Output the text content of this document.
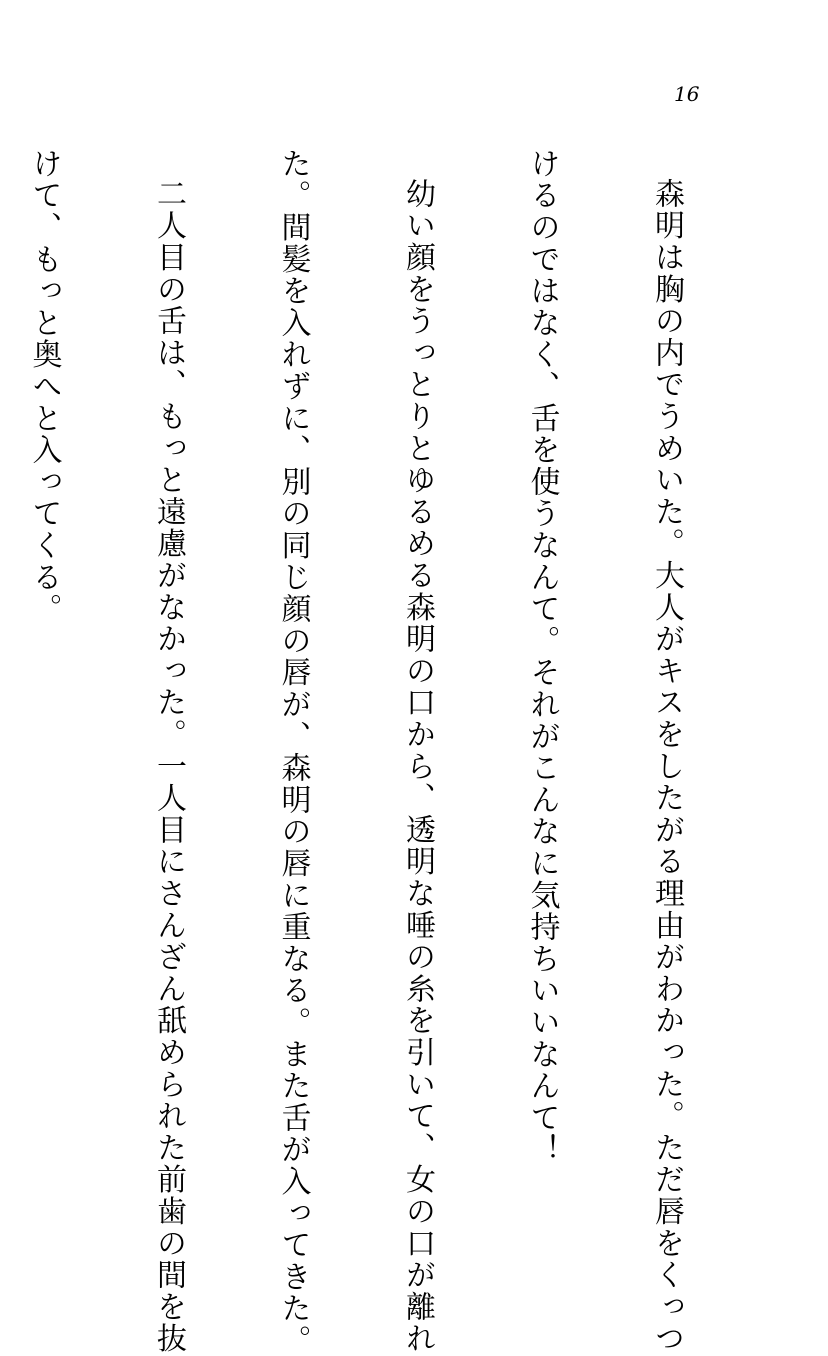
16

森明は胸の内でうめいた。大人がキスをしたがる理由がわかった。ただ唇をくっつ

けるのではなく、舌を使うなんて。それがこんなに気持ちいいなんて！

幼い顔をうっとりとゆるめる森明の口から、透明な唾の糸を引いて、女の口が離れ

た。間髪を入れずに、別の同じ顔の唇が、森明の唇に重なる。また舌が入ってきた。

二人目の舌は、もっと遠慮がなかった。一人目にさんざん舐められた前歯の間を抜

けて、もっと奥へと入ってくる。
